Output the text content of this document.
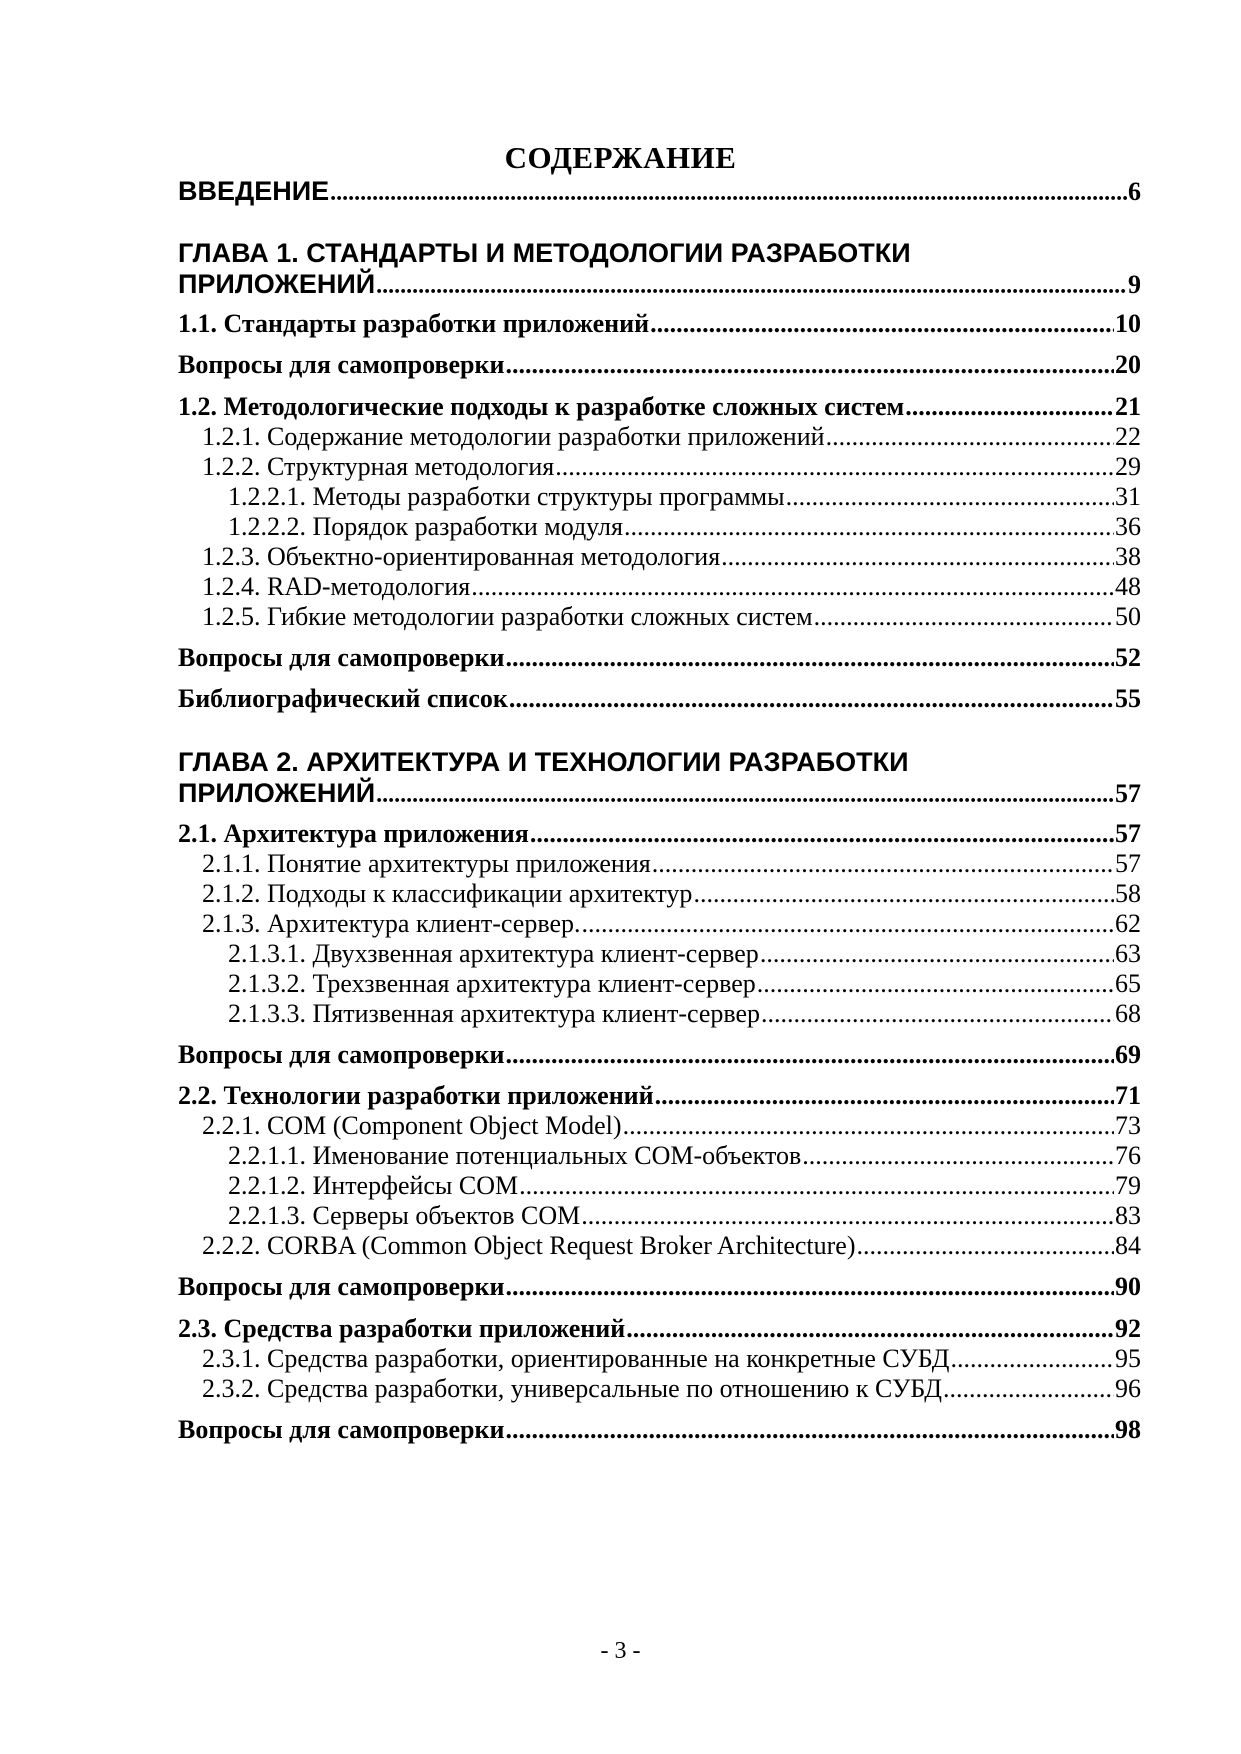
СОДЕРЖАНИЕ
ВВЕДЕНИЕ .....	6
ГЛАВА 1. СТАНДАРТЫ И МЕТОДОЛОГИИ РАЗРАБОТКИ
ПРИЛОЖЕНИЙ .....	9
1.1. Стандарты разработки приложений .....	10
Вопросы для самопроверки .....	20
1.2. Методологические подходы к разработке сложных систем .....	21
1.2.1. Содержание методологии разработки приложений .....	22
1.2.2. Структурная методология .....	29
1.2.2.1. Методы разработки структуры программы .....	31
1.2.2.2. Порядок разработки модуля .....	36
1.2.3. Объектно-ориентированная методология .....	38
1.2.4. RAD-методология .....	48
1.2.5. Гибкие методологии разработки сложных систем .....	50
Вопросы для самопроверки .....	52
Библиографический список .....	55
ГЛАВА 2. АРХИТЕКТУРА И ТЕХНОЛОГИИ РАЗРАБОТКИ
ПРИЛОЖЕНИЙ .....	57
2.1. Архитектура приложения .....	57
2.1.1. Понятие архитектуры приложения .....	57
2.1.2. Подходы к классификации архитектур .....	58
2.1.3. Архитектура клиент-сервер. .....	62
2.1.3.1. Двухзвенная архитектура клиент-сервер .....	63
2.1.3.2. Трехзвенная архитектура клиент-сервер .....	65
2.1.3.3. Пятизвенная архитектура клиент-сервер .....	68
Вопросы для самопроверки .....	69
2.2. Технологии разработки приложений .....	71
2.2.1. COM (Component Object Model) .....	73
2.2.1.1. Именование потенциальных COM-объектов .....	76
2.2.1.2. Интерфейсы COM .....	79
2.2.1.3. Серверы объектов COM .....	83
2.2.2. CORBA (Common Object Request Broker Architecture) .....	84
Вопросы для самопроверки .....	90
2.3. Средства разработки приложений .....	92
2.3.1. Средства разработки, ориентированные на конкретные СУБД .....	95
2.3.2. Средства разработки, универсальные по отношению к СУБД .....	96
Вопросы для самопроверки .....	98
- 3 -
